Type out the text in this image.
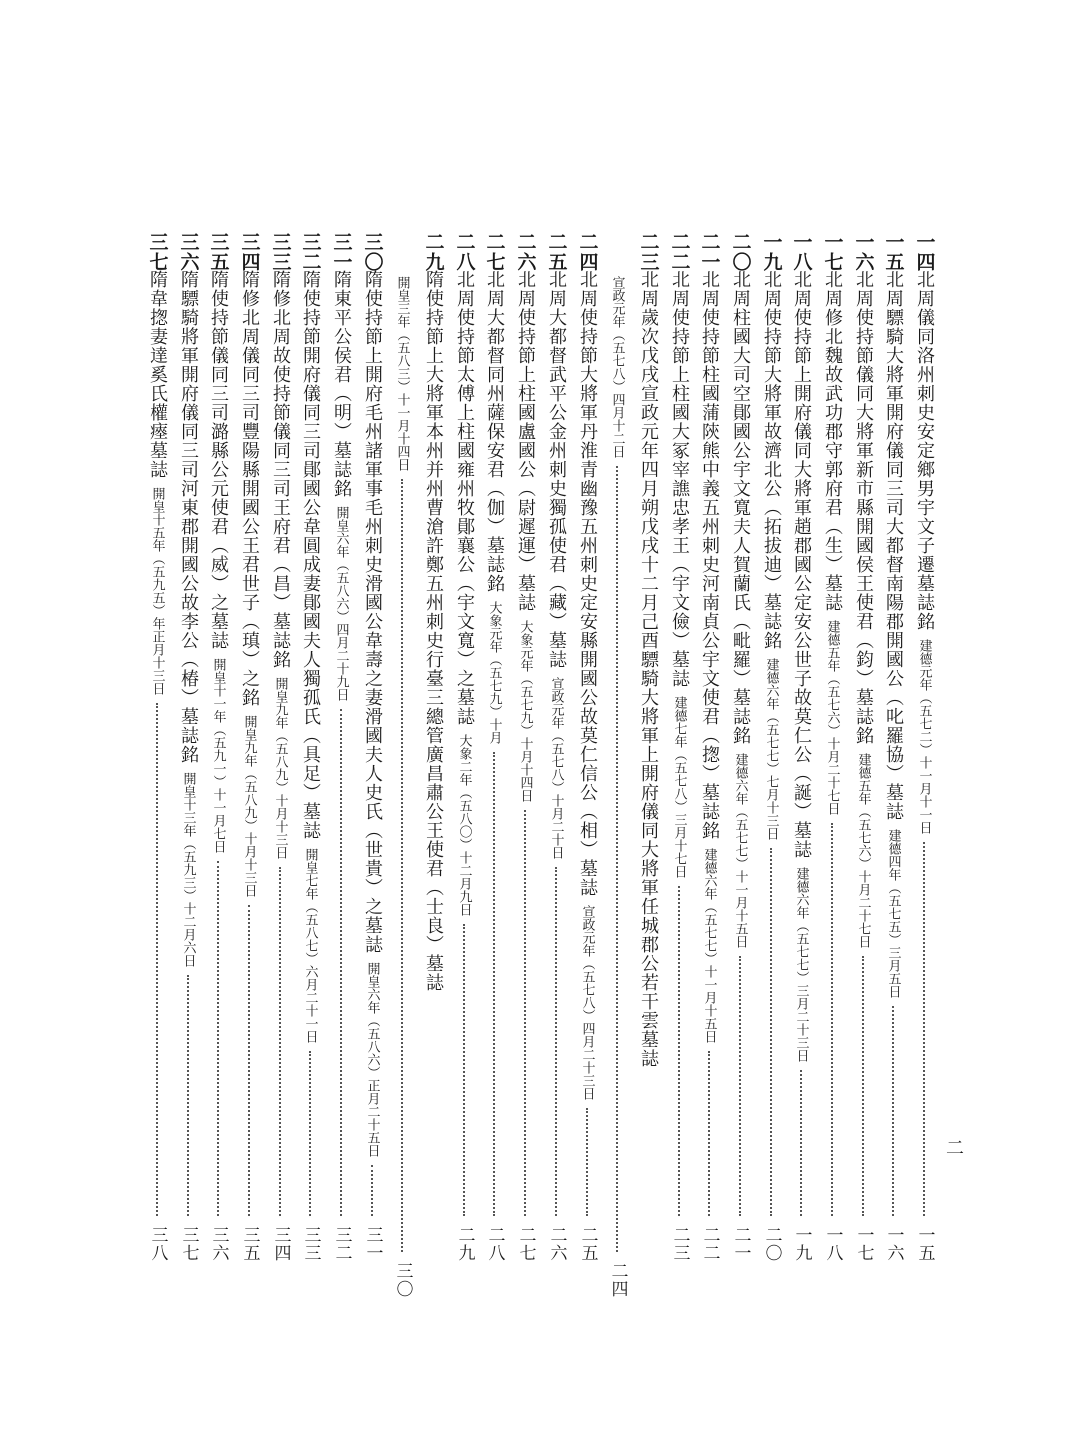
二
一四
北周儀同洛州刺史安定鄉男宇文子遷墓誌銘
建德元年（五七二）十一月十一日
一五
一五
北周驃騎大將軍開府儀同三司大都督南陽郡開國公（叱羅協）墓誌
建德四年（五七五）三月五日
一六
一六
北周使持節儀同大將軍新市縣開國侯王使君（鈞）墓誌銘
建德五年（五七六）十月二十七日
一七
一七
北周修北魏故武功郡守郭府君（生）墓誌
建德五年（五七六）十月二十七日
一八
一八
北周使持節上開府儀同大將軍趙郡國公定安公世子故莫仁公（誕）墓誌
建德六年（五七七）三月二十三日
一九
一九
北周使持節大將軍故濟北公（拓拔迪）墓誌銘
建德六年（五七七）七月十三日
二〇
二〇
北周柱國大司空鄖國公宇文寬夫人賀蘭氏（毗羅）墓誌銘
建德六年（五七七）十一月十五日
二一
二一
北周使持節柱國蒲陝熊中義五州刺史河南貞公宇文使君（揔）墓誌銘
建德六年（五七七）十一月十五日
二二
二二
北周使持節上柱國大冢宰譙忠孝王（宇文儉）墓誌
建德七年（五七八）三月十七日
二三
二三
北周歲次戊戌宣政元年四月朔戊戌十二月己酉驃騎大將軍上開府儀同大將軍任城郡公若干雲墓誌
宣政元年（五七八）四月十二日
二四
二四
北周使持節大將軍丹淮青幽豫五州刺史定安縣開國公故莫仁信公（相）墓誌
宣政元年（五七八）四月二十三日
二五
二五
北周大都督武平公金州刺史獨孤使君（藏）墓誌
宣政元年（五七八）十月二十日
二六
二六
北周使持節上柱國盧國公（尉遲運）墓誌
大象元年（五七九）十月十四日
二七
二七
北周大都督同州薩保安君（伽）墓誌銘
大象元年（五七九）十月
二八
二八
北周使持節太傅上柱國雍州牧鄖襄公（宇文寬）之墓誌
大象二年（五八〇）十二月九日
二九
二九
隋使持節上大將軍本州并州曹滄許鄭五州刺史行臺三總管廣昌肅公王使君（士良）墓誌
開皇三年（五八三）十一月十四日
三〇
三〇
隋使持節上開府毛州諸軍事毛州刺史滑國公韋壽之妻滑國夫人史氏（世貴）之墓誌
開皇六年（五八六）正月二十五日
三一
三一
隋東平公侯君（明）墓誌銘
開皇六年（五八六）四月二十九日
三二
三二
隋使持節開府儀同三司鄖國公韋圓成妻鄖國夫人獨孤氏（具足）墓誌
開皇七年（五八七）六月二十一日
三三
三三
隋修北周故使持節儀同三司王府君（昌）墓誌銘
開皇九年（五八九）十月十三日
三四
三四
隋修北周儀同三司豐陽縣開國公王君世子（瑱）之銘
開皇九年（五八九）十月十三日
三五
三五
隋使持節儀同三司潞縣公元使君（威）之墓誌
開皇十一年（五九一）十一月七日
三六
三六
隋驃騎將軍開府儀同三司河東郡開國公故李公（椿）墓誌銘
開皇十三年（五九三）十二月六日
三七
三七
隋韋揔妻達奚氏權瘞墓誌
開皇十五年（五九五）年正月十三日
三八
